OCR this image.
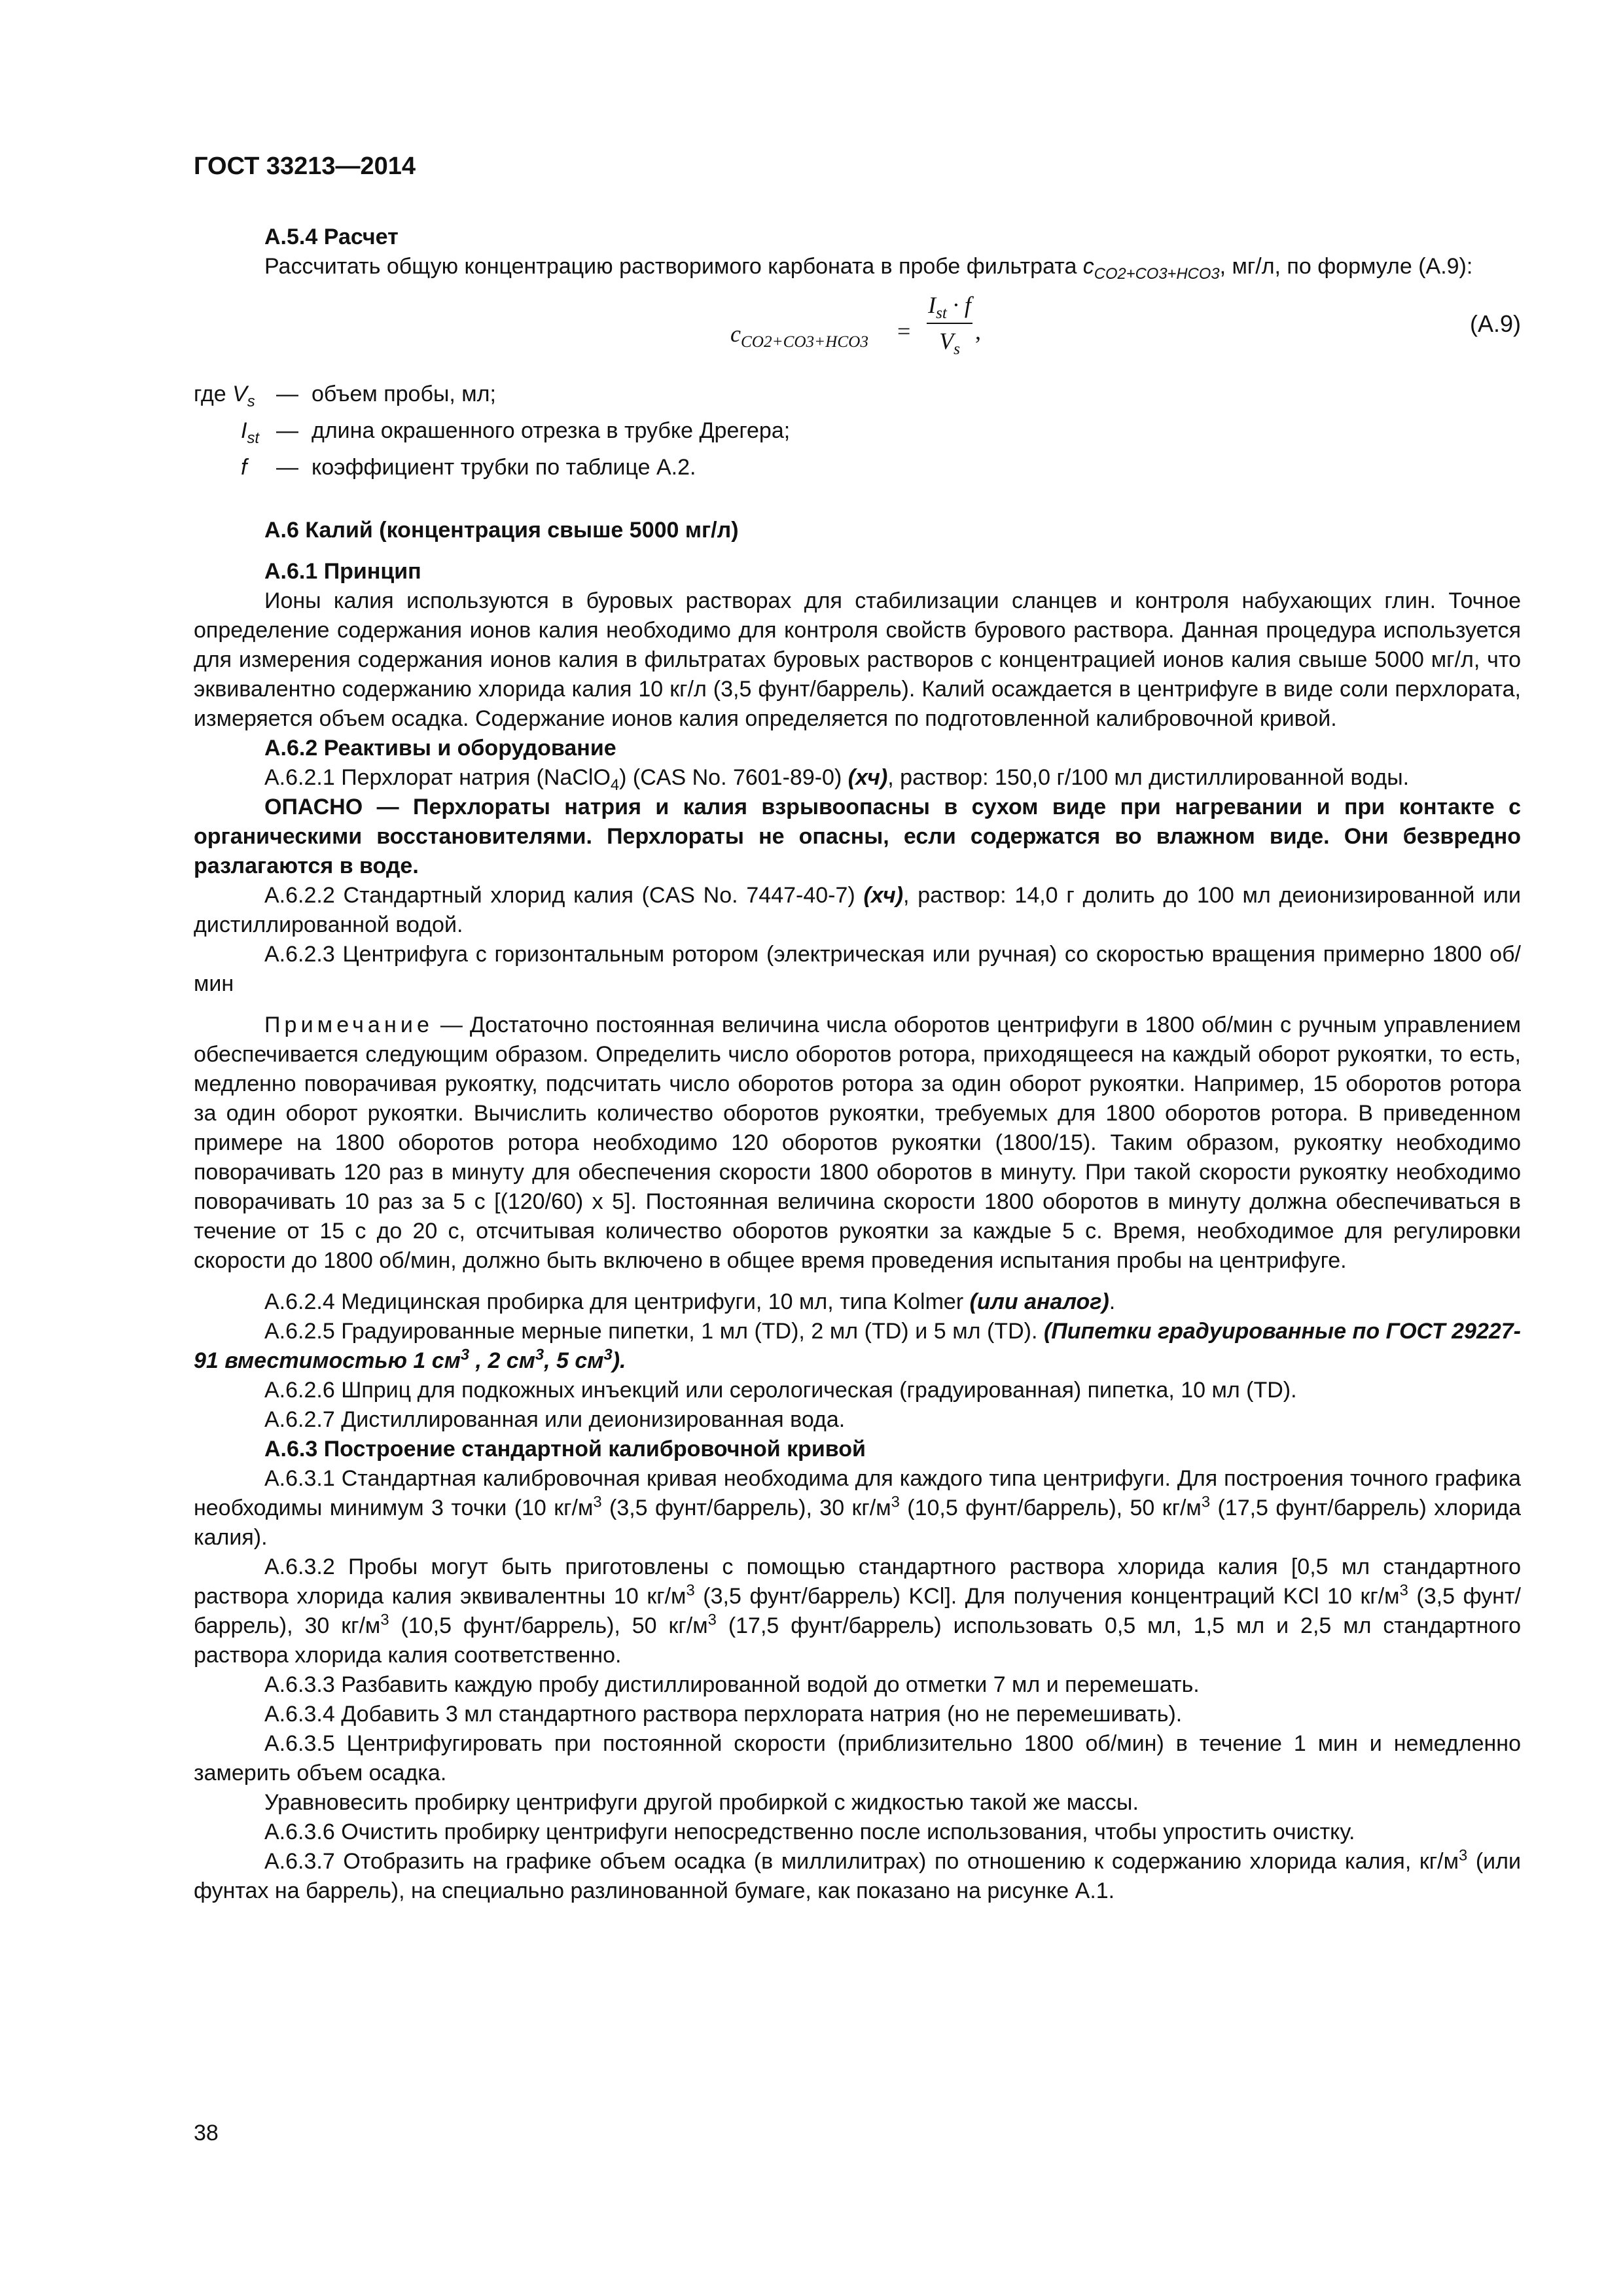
ГОСТ 33213—2014

А.5.4 Расчет

Рассчитать общую концентрацию растворимого карбоната в пробе фильтрата $с_{CO2+CO3+HCO3}$, мг/л, по формуле (А.9):

$c_{CO2+CO3+HCO3}$ =
$I_{st} \cdot f$
$V_s$
,	(А.9)
где $V_s$ — объем пробы, мл;
$I_{st}$ — длина окрашенного отрезка в трубке Дрегера;
f	— коэффициент трубки по таблице А.2.

А.6 Калий (концентрация свыше 5000 мг/л)

А.6.1 Принцип

Ионы калия используются в буровых растворах для стабилизации сланцев и контроля набухающих глин. Точное определение содержания ионов калия необходимо для контроля свойств бурового раствора. Данная процедура используется для измерения содержания ионов калия в фильтратах буровых растворов с концентрацией ионов калия свыше 5000 мг/л, что эквивалентно содержанию хлорида калия 10 кг/л (3,5 фунт/баррель). Калий осаждается в центрифуге в виде соли перхлората, измеряется объем осадка. Содержание ионов калия определяется по подготовленной калибровочной кривой.

А.6.2 Реактивы и оборудование

А.6.2.1 Перхлорат натрия (NaClO$_4$) (CAS No. 7601-89-0) (хч), раствор: 150,0 г/100 мл дистиллированной воды.

ОПАСНО — Перхлораты натрия и калия взрывоопасны в сухом виде при нагревании и при контакте с органическими восстановителями. Перхлораты не опасны, если содержатся во влажном виде. Они безвредно разлагаются в воде.

А.6.2.2 Стандартный хлорид калия (CAS No. 7447-40-7) (хч), раствор: 14,0 г долить до 100 мл деионизированной или дистиллированной водой.

А.6.2.3 Центрифуга с горизонтальным ротором (электрическая или ручная) со скоростью вращения примерно 1800 об/мин

Примечание — Достаточно постоянная величина числа оборотов центрифуги в 1800 об/мин с ручным управлением обеспечивается следующим образом. Определить число оборотов ротора, приходящееся на каждый оборот рукоятки, то есть, медленно поворачивая рукоятку, подсчитать число оборотов ротора за один оборот рукоятки. Например, 15 оборотов ротора за один оборот рукоятки. Вычислить количество оборотов рукоятки, требуемых для 1800 оборотов ротора. В приведенном примере на 1800 оборотов ротора необходимо 120 оборотов рукоятки (1800/15). Таким образом, рукоятку необходимо поворачивать 120 раз в минуту для обеспечения скорости 1800 оборотов в минуту. При такой скорости рукоятку необходимо поворачивать 10 раз за 5 с [(120/60) х 5]. Постоянная величина скорости 1800 оборотов в минуту должна обеспечиваться в течение от 15 с до 20 с, отсчитывая количество оборотов рукоятки за каждые 5 с. Время, необходимое для регулировки скорости до 1800 об/мин, должно быть включено в общее время проведения испытания пробы на центрифуге.

А.6.2.4 Медицинская пробирка для центрифуги, 10 мл, типа Kolmer (или аналог).

А.6.2.5 Градуированные мерные пипетки, 1 мл (TD), 2 мл (TD) и 5 мл (TD). (Пипетки градуированные по ГОСТ 29227-91 вместимостью 1 $см^3$ , 2 $см^3$, 5 $см^3$).

А.6.2.6 Шприц для подкожных инъекций или серологическая (градуированная) пипетка, 10 мл (TD).

А.6.2.7 Дистиллированная или деионизированная вода.

А.6.3 Построение стандартной калибровочной кривой

А.6.3.1 Стандартная калибровочная кривая необходима для каждого типа центрифуги. Для построения точного графика необходимы минимум 3 точки (10 $кг/м^3$ (3,5 фунт/баррель), 30 $кг/м^3$ (10,5 фунт/баррель), 50 $кг/м^3$ (17,5 фунт/баррель) хлорида калия).

А.6.3.2 Пробы могут быть приготовлены с помощью стандартного раствора хлорида калия [0,5 мл стандартного раствора хлорида калия эквивалентны 10 $кг/м^3$ (3,5 фунт/баррель) KCl]. Для получения концентраций KCl 10 $кг/м^3$ (3,5 фунт/баррель), 30 $кг/м^3$ (10,5 фунт/баррель), 50 $кг/м^3$ (17,5 фунт/баррель) использовать 0,5 мл, 1,5 мл и 2,5 мл стандартного раствора хлорида калия соответственно.

А.6.3.3 Разбавить каждую пробу дистиллированной водой до отметки 7 мл и перемешать.

А.6.3.4 Добавить 3 мл стандартного раствора перхлората натрия (но не перемешивать).

А.6.3.5 Центрифугировать при постоянной скорости (приблизительно 1800 об/мин) в течение 1 мин и немедленно замерить объем осадка.

Уравновесить пробирку центрифуги другой пробиркой с жидкостью такой же массы.

А.6.3.6 Очистить пробирку центрифуги непосредственно после использования, чтобы упростить очистку.

А.6.3.7 Отобразить на графике объем осадка (в миллилитрах) по отношению к содержанию хлорида калия, $кг/м^3$ (или фунтах на баррель), на специально разлинованной бумаге, как показано на рисунке А.1.

38
